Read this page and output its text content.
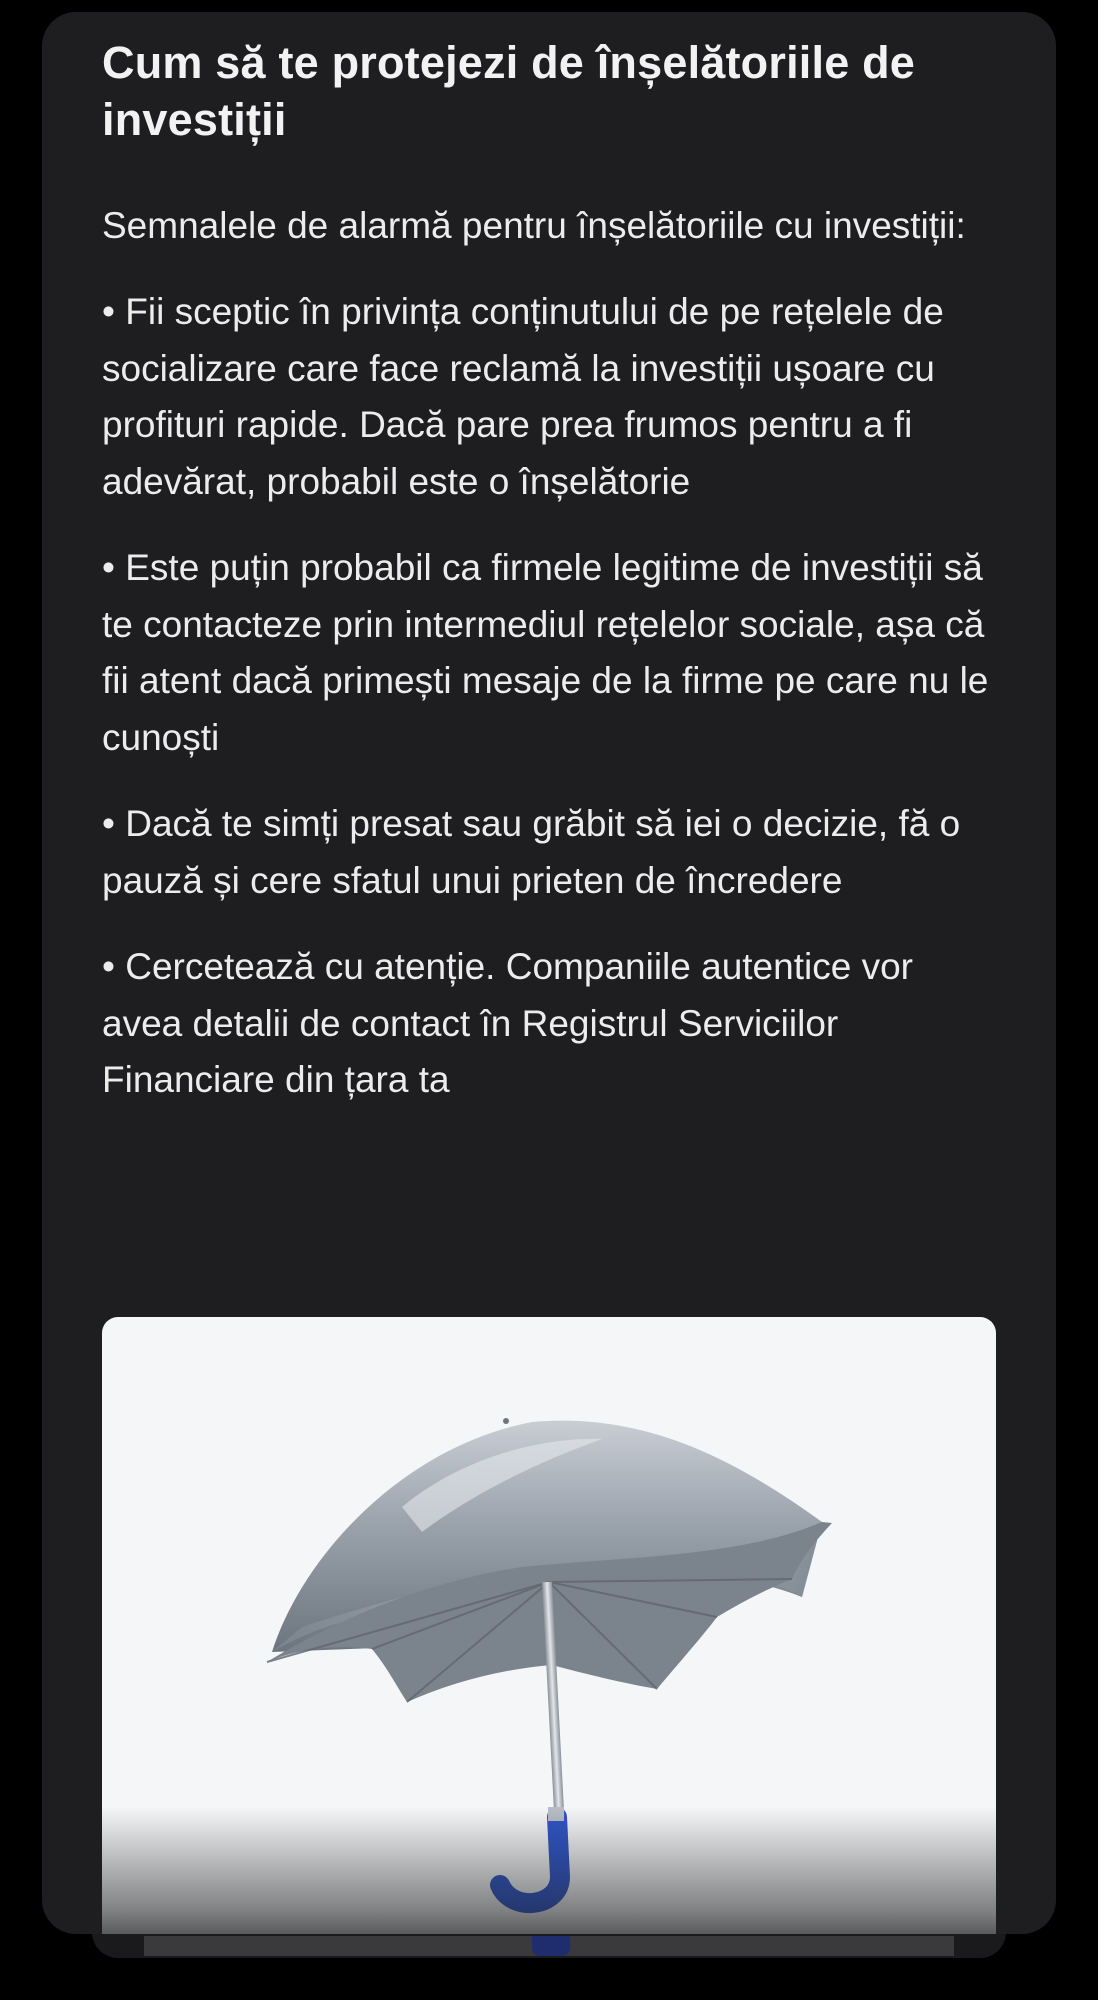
Cum să te protejezi de înșelătoriile de investiții

Semnalele de alarmă pentru înșelătoriile cu investiții:

• Fii sceptic în privința conținutului de pe rețelele de socializare care face reclamă la investiții ușoare cu profituri rapide. Dacă pare prea frumos pentru a fi adevărat, probabil este o înșelătorie
• Este puțin probabil ca firmele legitime de investiții să te contacteze prin intermediul rețelelor sociale, așa că fii atent dacă primești mesaje de la firme pe care nu le cunoști
• Dacă te simți presat sau grăbit să iei o decizie, fă o pauză și cere sfatul unui prieten de încredere
• Cercetează cu atenție. Companiile autentice vor avea detalii de contact în Registrul Serviciilor Financiare din țara ta
